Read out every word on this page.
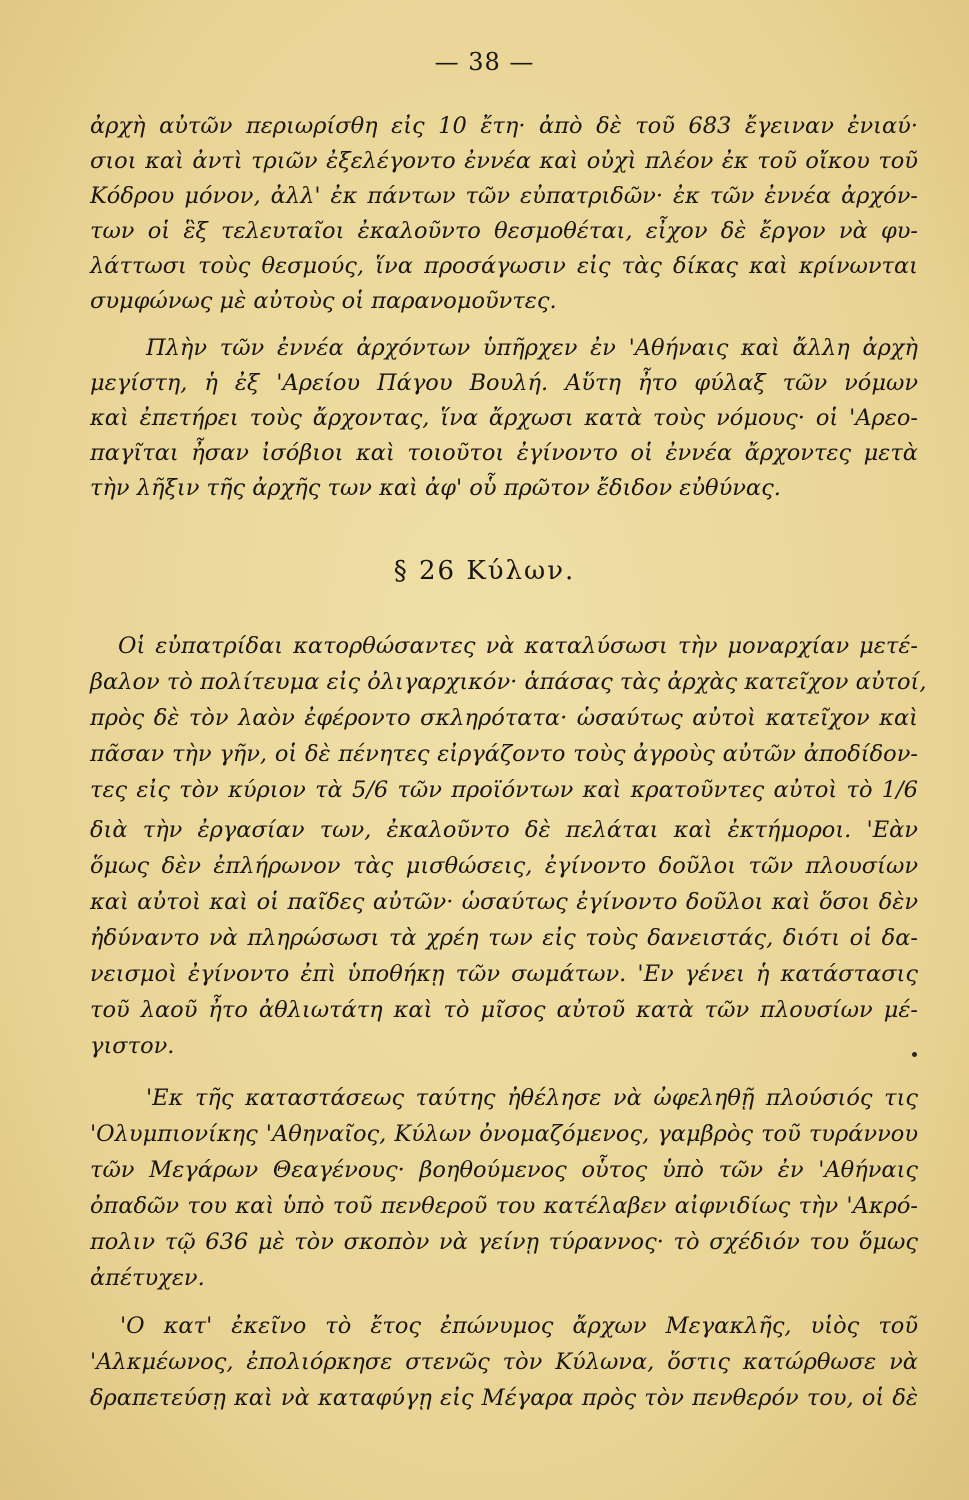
— 38 —
ἀρχὴ αὐτῶν περιωρίσθη εἰς 10 ἔτη· ἀπὸ δὲ τοῦ 683 ἔγειναν ἐνιαύ·
σιοι καὶ ἀντὶ τριῶν ἐξελέγοντο ἐννέα καὶ οὐχὶ πλέον ἐκ τοῦ οἴκου τοῦ
Κόδρου μόνον, ἀλλ' ἐκ πάντων τῶν εὐπατριδῶν· ἐκ τῶν ἐννέα ἀρχόν-
των οἱ ἓξ τελευταῖοι ἐκαλοῦντο θεσμοθέται, εἶχον δὲ ἔργον νὰ φυ-
λάττωσι τοὺς θεσμούς, ἵνα προσάγωσιν εἰς τὰς δίκας καὶ κρίνωνται
συμφώνως μὲ αὐτοὺς οἱ παρανομοῦντες.
Πλὴν τῶν ἐννέα ἀρχόντων ὑπῆρχεν ἐν 'Αθήναις καὶ ἄλλη ἀρχὴ
μεγίστη, ἡ ἐξ 'Αρείου Πάγου Βουλή. Αὕτη ἦτο φύλαξ τῶν νόμων
καὶ ἐπετήρει τοὺς ἄρχοντας, ἵνα ἄρχωσι κατὰ τοὺς νόμους· οἱ 'Αρεο-
παγῖται ἦσαν ἰσόβιοι καὶ τοιοῦτοι ἐγίνοντο οἱ ἐννέα ἄρχοντες μετὰ
τὴν λῆξιν τῆς ἀρχῆς των καὶ ἀφ' οὗ πρῶτον ἔδιδον εὐθύνας.
§ 26 Κύλων.
Οἱ εὐπατρίδαι κατορθώσαντες νὰ καταλύσωσι τὴν μοναρχίαν μετέ-
βαλον τὸ πολίτευμα εἰς ὀλιγαρχικόν· ἁπάσας τὰς ἀρχὰς κατεῖχον αὐτοί,
πρὸς δὲ τὸν λαὸν ἐφέροντο σκληρότατα· ὡσαύτως αὐτοὶ κατεῖχον καὶ
πᾶσαν τὴν γῆν, οἱ δὲ πένητες εἰργάζοντο τοὺς ἀγροὺς αὐτῶν ἀποδίδον-
τες εἰς τὸν κύριον τὰ 5/6 τῶν προϊόντων καὶ κρατοῦντες αὐτοὶ τὸ 1/6
διὰ τὴν ἐργασίαν των, ἐκαλοῦντο δὲ πελάται καὶ ἐκτήμοροι. 'Εὰν
ὅμως δὲν ἐπλήρωνον τὰς μισθώσεις, ἐγίνοντο δοῦλοι τῶν πλουσίων
καὶ αὐτοὶ καὶ οἱ παῖδες αὐτῶν· ὡσαύτως ἐγίνοντο δοῦλοι καὶ ὅσοι δὲν
ἠδύναντο νὰ πληρώσωσι τὰ χρέη των εἰς τοὺς δανειστάς, διότι οἱ δα-
νεισμοὶ ἐγίνοντο ἐπὶ ὑποθήκῃ τῶν σωμάτων. 'Εν γένει ἡ κατάστασις
τοῦ λαοῦ ἦτο ἀθλιωτάτη καὶ τὸ μῖσος αὐτοῦ κατὰ τῶν πλουσίων μέ-
γιστον.
'Εκ τῆς καταστάσεως ταύτης ἠθέλησε νὰ ὠφεληθῇ πλούσιός τις
'Ολυμπιονίκης 'Αθηναῖος, Κύλων ὀνομαζόμενος, γαμβρὸς τοῦ τυράννου
τῶν Μεγάρων Θεαγένους· βοηθούμενος οὗτος ὑπὸ τῶν ἐν 'Αθήναις
ὀπαδῶν του καὶ ὑπὸ τοῦ πενθεροῦ του κατέλαβεν αἰφνιδίως τὴν 'Ακρό-
πολιν τῷ 636 μὲ τὸν σκοπὸν νὰ γείνῃ τύραννος· τὸ σχέδιόν του ὅμως
ἀπέτυχεν.
'Ο κατ' ἐκεῖνο τὸ ἔτος ἐπώνυμος ἄρχων Μεγακλῆς, υἱὸς τοῦ
'Αλκμέωνος, ἐπολιόρκησε στενῶς τὸν Κύλωνα, ὅστις κατώρθωσε νὰ
δραπετεύσῃ καὶ νὰ καταφύγῃ εἰς Μέγαρα πρὸς τὸν πενθερόν του, οἱ δὲ
